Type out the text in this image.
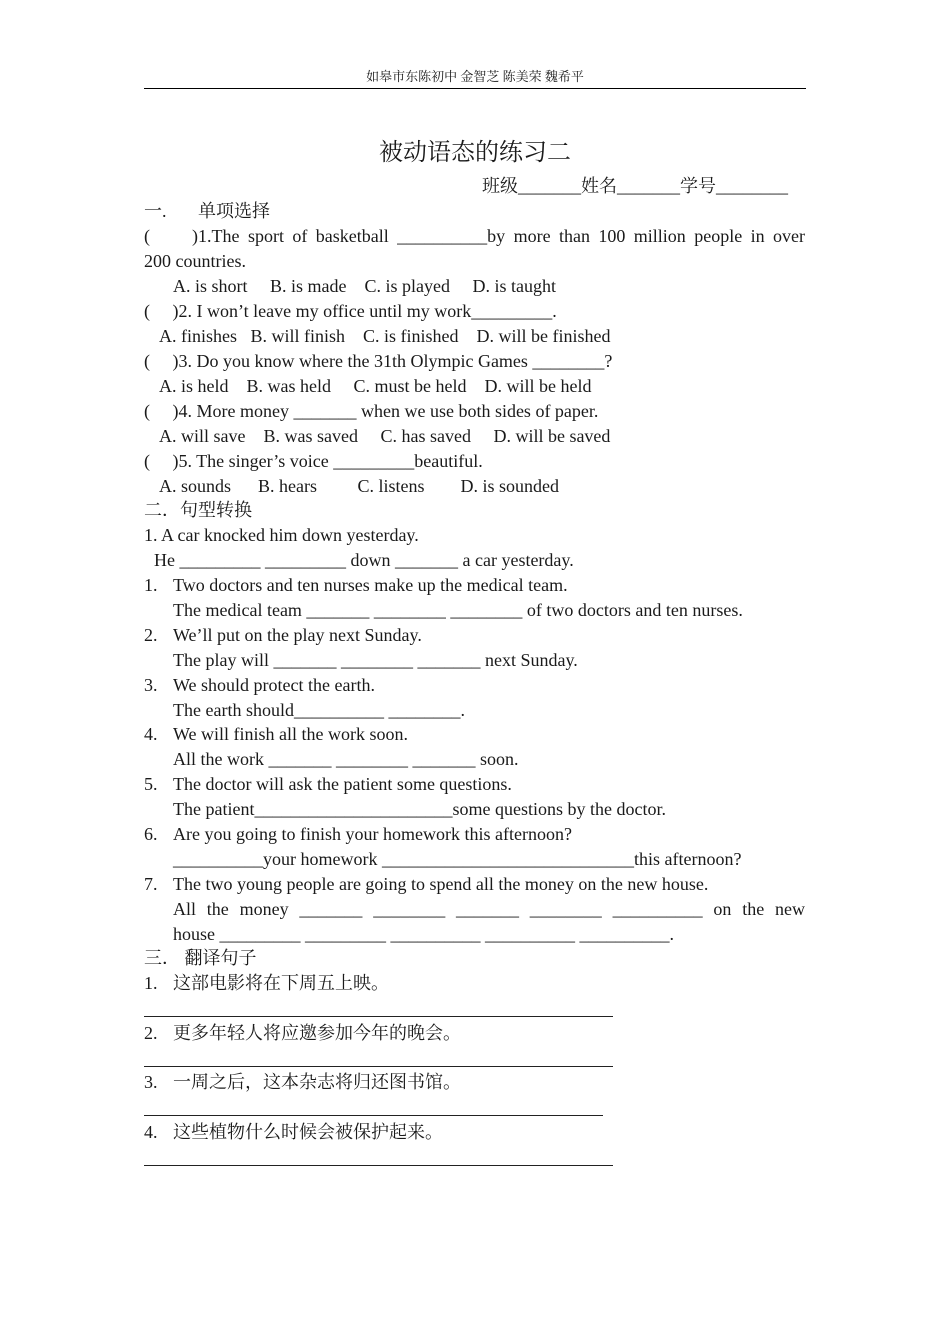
如皋市东陈初中 金智芝 陈美荣 魏希平
被动语态的练习二
班级_______姓名_______学号________
一.       单项选择
(     )1.The sport of basketball __________by more than 100 million people in over
200 countries.
A. is short     B. is made    C. is played     D. is taught
(     )2. I won’t leave my office until my work_________.
A. finishes   B. will finish    C. is finished    D. will be finished
(     )3. Do you know where the 31th Olympic Games ________?
A. is held    B. was held     C. must be held    D. will be held
(     )4. More money _______ when we use both sides of paper.
A. will save    B. was saved     C. has saved     D. will be saved
(     )5. The singer’s voice _________beautiful.
A. sounds      B. hears         C. listens        D. is sounded
二．句型转换
1. A car knocked him down yesterday.
He _________ _________ down _______ a car yesterday.
1. Two doctors and ten nurses make up the medical team.
The medical team _______ ________ ________ of two doctors and ten nurses.
2. We’ll put on the play next Sunday.
The play will _______ ________ _______ next Sunday.
3. We should protect the earth.
The earth should__________ ________.
4. We will finish all the work soon.
All the work _______ ________ _______ soon.
5. The doctor will ask the patient some questions.
The patient______________________some questions by the doctor.
6. Are you going to finish your homework this afternoon?
__________your homework ____________________________this afternoon?
7. The two young people are going to spend all the money on the new house.
All the money _______ ________ _______ ________ __________ on the new
house _________ _________ __________ __________ __________.
三． 翻译句子
1. 这部电影将在下周五上映。
2. 更多年轻人将应邀参加今年的晚会。
3. 一周之后，这本杂志将归还图书馆。
4. 这些植物什么时候会被保护起来。
